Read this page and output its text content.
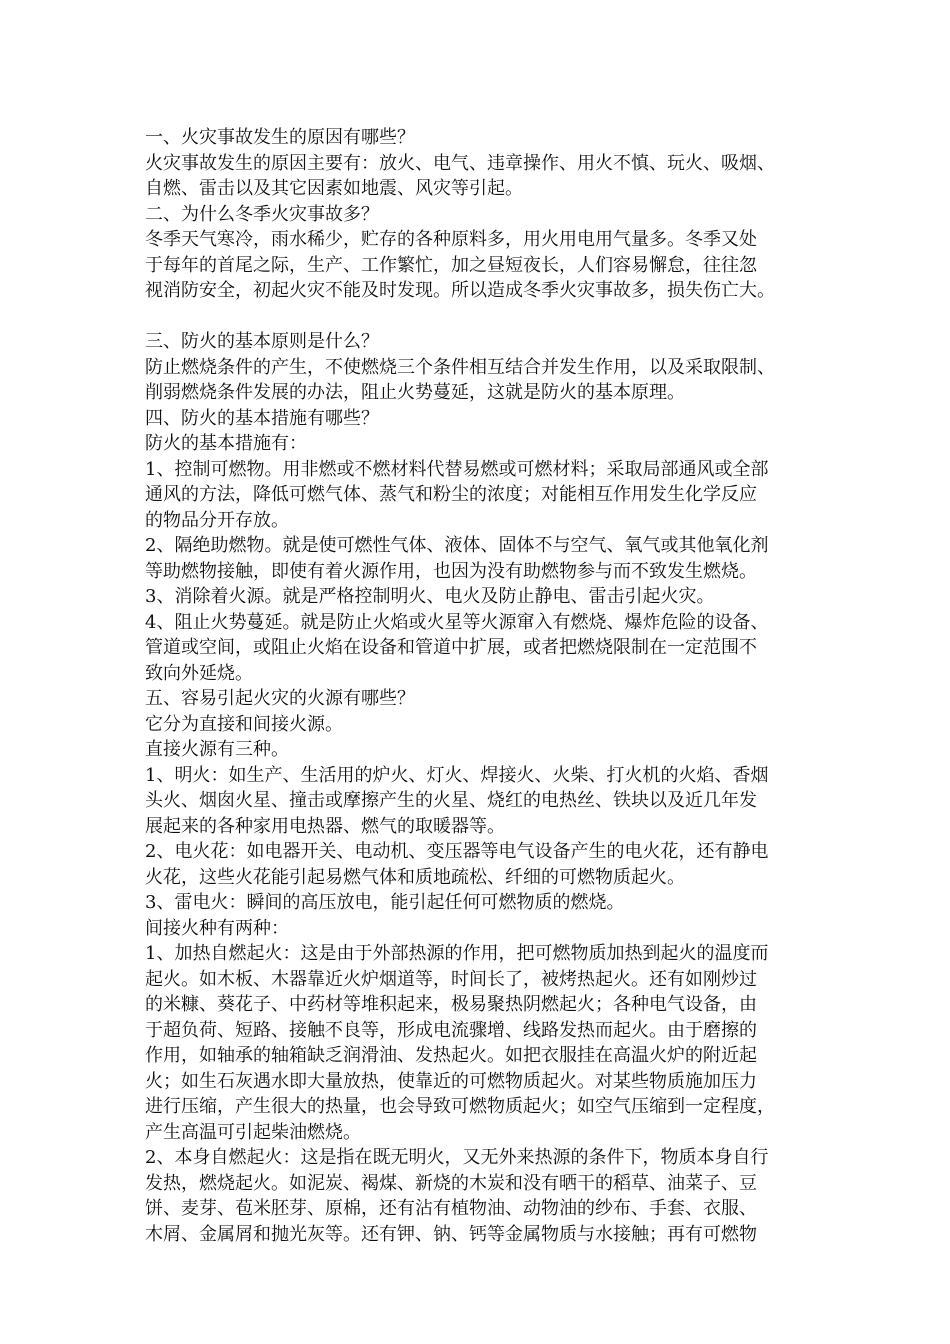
一、火灾事故发生的原因有哪些？
火灾事故发生的原因主要有：放火、电气、违章操作、用火不慎、玩火、吸烟、
自燃、雷击以及其它因素如地震、风灾等引起。
二、为什么冬季火灾事故多？
冬季天气寒冷，雨水稀少，贮存的各种原料多，用火用电用气量多。冬季又处
于每年的首尾之际，生产、工作繁忙，加之昼短夜长，人们容易懈怠，往往忽
视消防安全，初起火灾不能及时发现。所以造成冬季火灾事故多，损失伤亡大。
三、防火的基本原则是什么？
防止燃烧条件的产生，不使燃烧三个条件相互结合并发生作用，以及采取限制、
削弱燃烧条件发展的办法，阻止火势蔓延，这就是防火的基本原理。
四、防火的基本措施有哪些？
防火的基本措施有：
1、控制可燃物。用非燃或不燃材料代替易燃或可燃材料；采取局部通风或全部
通风的方法，降低可燃气体、蒸气和粉尘的浓度；对能相互作用发生化学反应
的物品分开存放。
2、隔绝助燃物。就是使可燃性气体、液体、固体不与空气、氧气或其他氧化剂
等助燃物接触，即使有着火源作用，也因为没有助燃物参与而不致发生燃烧。
3、消除着火源。就是严格控制明火、电火及防止静电、雷击引起火灾。
4、阻止火势蔓延。就是防止火焰或火星等火源窜入有燃烧、爆炸危险的设备、
管道或空间，或阻止火焰在设备和管道中扩展，或者把燃烧限制在一定范围不
致向外延烧。
五、容易引起火灾的火源有哪些？
它分为直接和间接火源。
直接火源有三种。
1、明火：如生产、生活用的炉火、灯火、焊接火、火柴、打火机的火焰、香烟
头火、烟囱火星、撞击或摩擦产生的火星、烧红的电热丝、铁块以及近几年发
展起来的各种家用电热器、燃气的取暖器等。
2、电火花：如电器开关、电动机、变压器等电气设备产生的电火花，还有静电
火花，这些火花能引起易燃气体和质地疏松、纤细的可燃物质起火。
3、雷电火：瞬间的高压放电，能引起任何可燃物质的燃烧。
间接火种有两种：
1、加热自燃起火：这是由于外部热源的作用，把可燃物质加热到起火的温度而
起火。如木板、木器靠近火炉烟道等，时间长了，被烤热起火。还有如刚炒过
的米糠、葵花子、中药材等堆积起来，极易聚热阴燃起火；各种电气设备，由
于超负荷、短路、接触不良等，形成电流骤增、线路发热而起火。由于磨擦的
作用，如轴承的轴箱缺乏润滑油、发热起火。如把衣服挂在高温火炉的附近起
火；如生石灰遇水即大量放热，使靠近的可燃物质起火。对某些物质施加压力
进行压缩，产生很大的热量，也会导致可燃物质起火；如空气压缩到一定程度，
产生高温可引起柴油燃烧。
2、本身自燃起火：这是指在既无明火，又无外来热源的条件下，物质本身自行
发热，燃烧起火。如泥炭、褐煤、新烧的木炭和没有晒干的稻草、油菜子、豆
饼、麦芽、苞米胚芽、原棉，还有沾有植物油、动物油的纱布、手套、衣服、
木屑、金属屑和抛光灰等。还有钾、钠、钙等金属物质与水接触；再有可燃物
